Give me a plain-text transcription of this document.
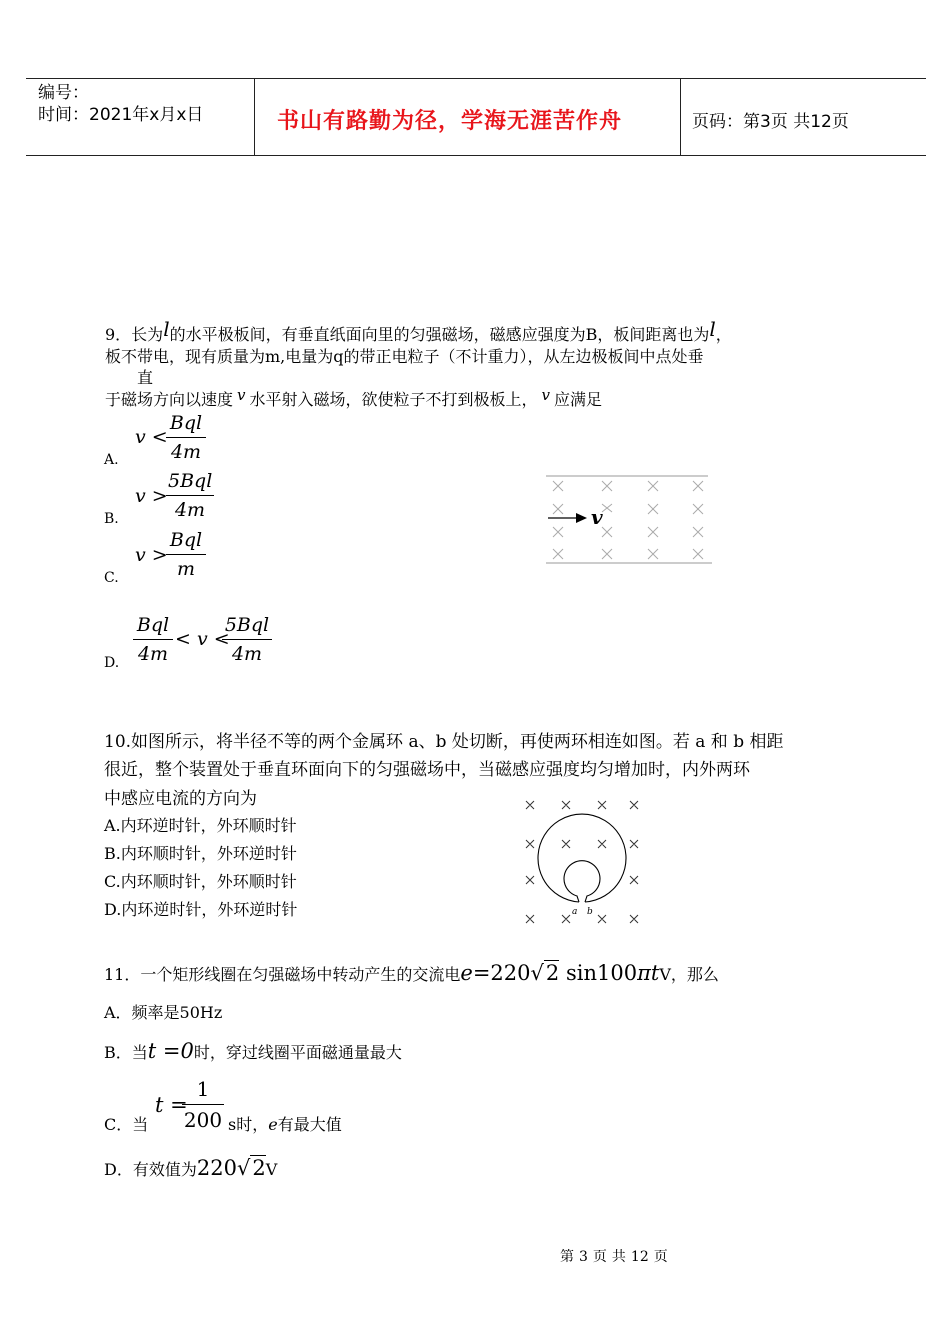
编号：
时间：2021年x月x日	书山有路勤为径，学海无涯苦作舟	页码：第3页 共12页
9．长为l的水平极板间，有垂直纸面向里的匀强磁场，磁感应强度为B，板间距离也为l，
板不带电，现有质量为m,电量为q的带正电粒子（不计重力），从左边极板间中点处垂
直
于磁场方向以速度 v 水平射入磁场，欲使粒子不打到极板上， v 应满足
A.
v <
Bql
4m
B.
v >
5Bql
4m
C.
v >
Bql
m
D.
Bql
4m
< v <
5Bql
4m
v
10.如图所示，将半径不等的两个金属环 a、b 处切断，再使两环相连如图。若 a 和 b 相距
很近，整个装置处于垂直环面向下的匀强磁场中，当磁感应强度均匀增加时，内外两环
中感应电流的方向为
A.内环逆时针，外环顺时针
B.内环顺时针，外环逆时针
C.内环顺时针，外环顺时针
D.内环逆时针，外环逆时针	a b
11．一个矩形线圈在匀强磁场中转动产生的交流电e=220√2 sin100πtV，那么
A．频率是50Hz
B．当t =0时，穿过线圈平面磁通量最大
C．当
t =
$\frac{1}{200}$ s时，e有最大值
D．有效值为220√2V
第 3 页 共 12 页
